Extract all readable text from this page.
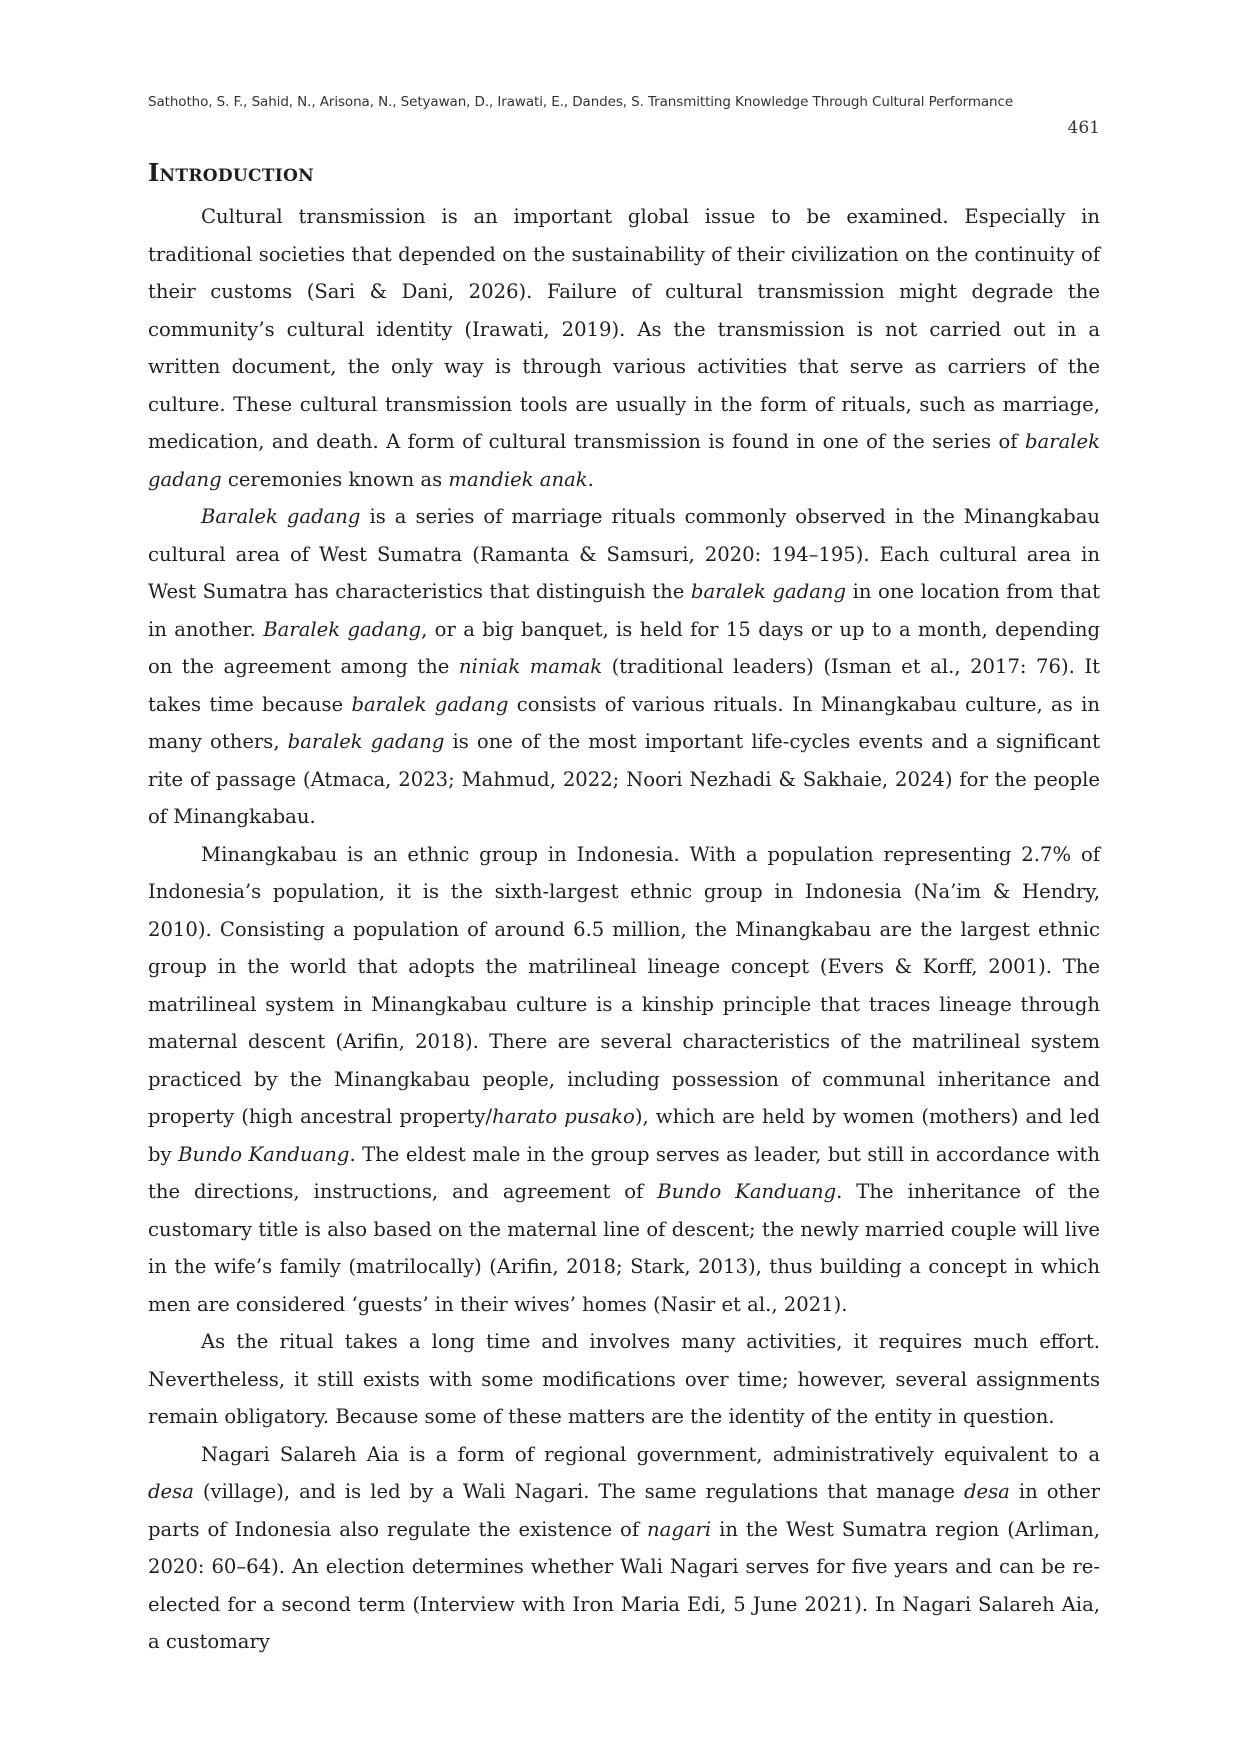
Sathotho, S. F., Sahid, N., Arisona, N., Setyawan, D., Irawati, E., Dandes, S. Transmitting Knowledge Through Cultural Performance
461
Introduction

Cultural transmission is an important global issue to be examined. Especially in traditional societies that depended on the sustainability of their civilization on the continuity of their customs (Sari & Dani, 2026). Failure of cultural transmission might degrade the community’s cultural identity (Irawati, 2019). As the transmission is not carried out in a written document, the only way is through various activities that serve as carriers of the culture. These cultural transmission tools are usually in the form of rituals, such as marriage, medication, and death. A form of cultural transmission is found in one of the series of baralek gadang ceremonies known as mandiek anak.

Baralek gadang is a series of marriage rituals commonly observed in the Minangkabau cultural area of West Sumatra (Ramanta & Samsuri, 2020: 194–195). Each cultural area in West Sumatra has characteristics that distinguish the baralek gadang in one location from that in another. Baralek gadang, or a big banquet, is held for 15 days or up to a month, depending on the agreement among the niniak mamak (traditional leaders) (Isman et al., 2017: 76). It takes time because baralek gadang consists of various rituals. In Minangkabau culture, as in many others, baralek gadang is one of the most important life-cycles events and a significant rite of passage (Atmaca, 2023; Mahmud, 2022; Noori Nezhadi & Sakhaie, 2024) for the people of Minangkabau.

Minangkabau is an ethnic group in Indonesia. With a population representing 2.7% of Indonesia’s population, it is the sixth-largest ethnic group in Indonesia (Na’im & Hendry, 2010). Consisting a population of around 6.5 million, the Minangkabau are the largest ethnic group in the world that adopts the matrilineal lineage concept (Evers & Korff, 2001). The matrilineal system in Minangkabau culture is a kinship principle that traces lineage through maternal descent (Arifin, 2018). There are several characteristics of the matrilineal system practiced by the Minangkabau people, including possession of communal inheritance and property (high ancestral property/harato pusako), which are held by women (mothers) and led by Bundo Kanduang. The eldest male in the group serves as leader, but still in accordance with the directions, instructions, and agreement of Bundo Kanduang. The inheritance of the customary title is also based on the maternal line of descent; the newly married couple will live in the wife’s family (matrilocally) (Arifin, 2018; Stark, 2013), thus building a concept in which men are considered ‘guests’ in their wives’ homes (Nasir et al., 2021).

As the ritual takes a long time and involves many activities, it requires much effort. Nevertheless, it still exists with some modifications over time; however, several assignments remain obligatory. Because some of these matters are the identity of the entity in question.

Nagari Salareh Aia is a form of regional government, administratively equivalent to a desa (village), and is led by a Wali Nagari. The same regulations that manage desa in other parts of Indonesia also regulate the existence of nagari in the West Sumatra region (Arliman, 2020: 60–64). An election determines whether Wali Nagari serves for five years and can be re-elected for a second term (Interview with Iron Maria Edi, 5 June 2021). In Nagari Salareh Aia, a customary
